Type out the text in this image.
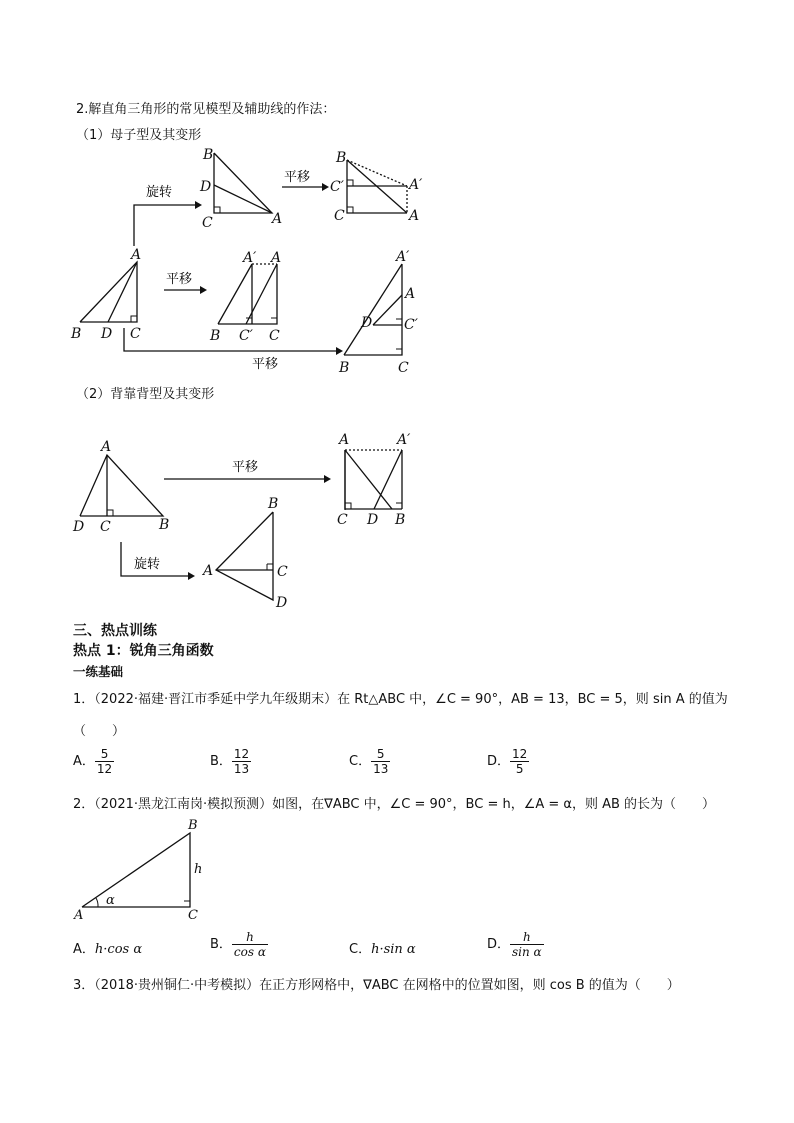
2.解直角三角形的常见模型及辅助线的作法：
（1）母子型及其变形
A
B D C
B
D
C	A
B
C′
C
A′
A
A′ A
B C′ C
A′
A
D C′
B	C
旋转
平移
平移
平移
（2）背靠背型及其变形
A
D C	B
A	A′
C D B
B
A	C
D
平移
旋转
三、热点训练
热点 1：锐角三角函数
一练基础
1．（2022·福建·晋江市季延中学九年级期末）在 Rt△ABC 中，∠C = 90°，AB = 13，BC = 5，则 sin A 的值为
（　　）
A． $\frac{5}{12}$	B． $\frac{12}{13}$	C． $\frac{5}{13}$	D． $\frac{12}{5}$
2．（2021·黑龙江南岗·模拟预测）如图，在∇ABC 中，∠C = 90°，BC = h，∠A = α，则 AB 的长为（　　）
B
h
α
A	C
A．h·cos α	B． $\frac{h}{\text{cos α}}$	C．h·sin α	D． $\frac{h}{\text{sin α}}$
3．（2018·贵州铜仁·中考模拟）在正方形网格中，∇ABC 在网格中的位置如图，则 cos B 的值为（　　）
